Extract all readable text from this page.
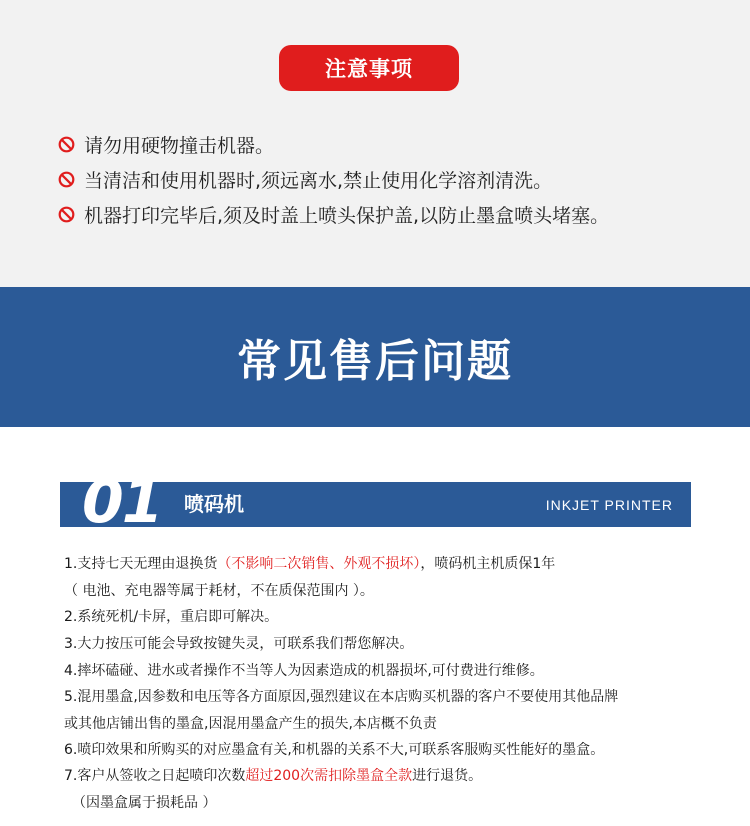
注意事项
请勿用硬物撞击机器。
当清洁和使用机器时,须远离水,禁止使用化学溶剂清洗。
机器打印完毕后,须及时盖上喷头保护盖,以防止墨盒喷头堵塞。
常见售后问题
01 喷码机	INKJET PRINTER
1.支持七天无理由退换货（不影响二次销售、外观不损坏），喷码机主机质保1年
（ 电池、充电器等属于耗材，不在质保范围内 ）。
2.系统死机/卡屏，重启即可解决。
3.大力按压可能会导致按键失灵，可联系我们帮您解决。
4.摔坏磕碰、进水或者操作不当等人为因素造成的机器损坏,可付费进行维修。
5.混用墨盒,因参数和电压等各方面原因,强烈建议在本店购买机器的客户不要使用其他品牌
或其他店铺出售的墨盒,因混用墨盒产生的损失,本店概不负责
6.喷印效果和所购买的对应墨盒有关,和机器的关系不大,可联系客服购买性能好的墨盒。
7.客户从签收之日起喷印次数超过200次需扣除墨盒全款进行退货。
（因墨盒属于损耗品 ）
